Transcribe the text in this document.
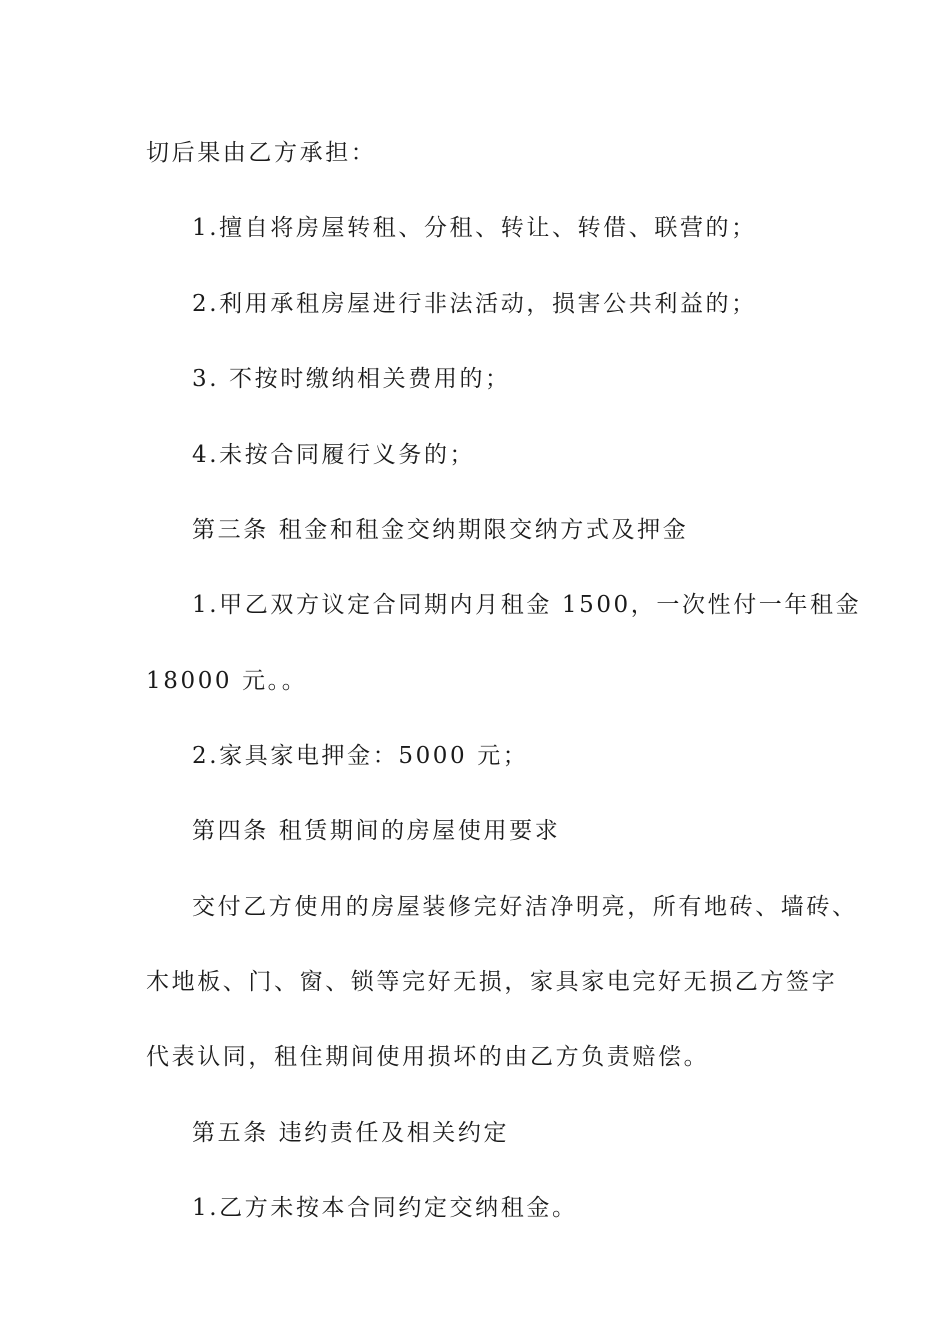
切后果由乙方承担：

1.擅自将房屋转租、分租、转让、转借、联营的；

2.利用承租房屋进行非法活动，损害公共利益的；

3. 不按时缴纳相关费用的；

4.未按合同履行义务的；

第三条 租金和租金交纳期限交纳方式及押金

1.甲乙双方议定合同期内月租金 1500，一次性付一年租金

18000 元。。

2.家具家电押金：5000 元；

第四条 租赁期间的房屋使用要求

交付乙方使用的房屋装修完好洁净明亮，所有地砖、墙砖、

木地板、门、窗、锁等完好无损，家具家电完好无损乙方签字

代表认同，租住期间使用损坏的由乙方负责赔偿。

第五条 违约责任及相关约定

1.乙方未按本合同约定交纳租金。
